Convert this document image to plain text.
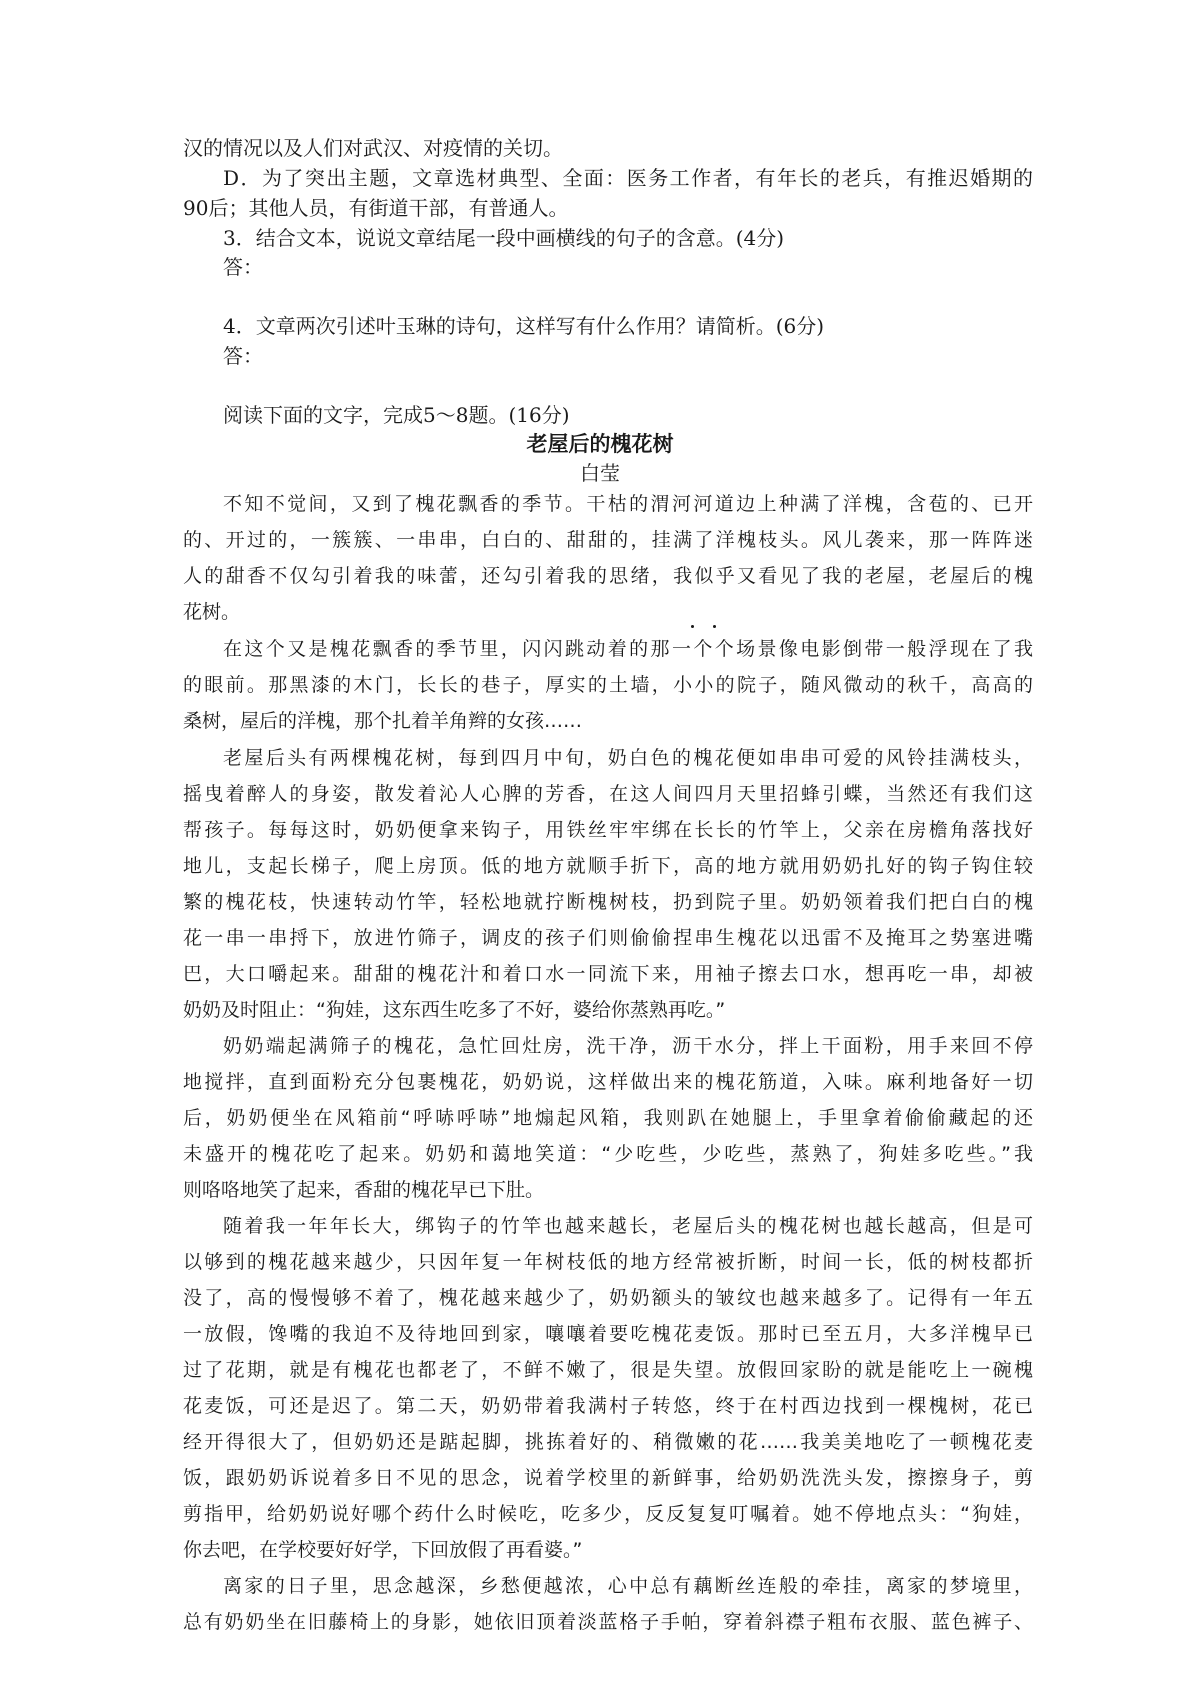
汉的情况以及人们对武汉、对疫情的关切。
D．为了突出主题，文章选材典型、全面：医务工作者，有年长的老兵，有推迟婚期的
90后；其他人员，有街道干部，有普通人。
3．结合文本，说说文章结尾一段中画横线的句子的含意。(4分)
答：
4．文章两次引述叶玉琳的诗句，这样写有什么作用？请简析。(6分)
答：
阅读下面的文字，完成5～8题。(16分)
老屋后的槐花树
白莹
不知不觉间，又到了槐花飘香的季节。干枯的渭河河道边上种满了洋槐，含苞的、已开
的、开过的，一簇簇、一串串，白白的、甜甜的，挂满了洋槐枝头。风儿袭来，那一阵阵迷
人的甜香不仅勾引着我的味蕾，还勾引着我的思绪，我似乎又看见了我的老屋，老屋后的槐
花树。
在这个又是槐花飘香的季节里，闪闪跳动着的那一个个场景像电影倒带一般浮现在了我
的眼前。那黑漆的木门，长长的巷子，厚实的土墙，小小的院子，随风微动的秋千，高高的
桑树，屋后的洋槐，那个扎着羊角辫的女孩……
老屋后头有两棵槐花树，每到四月中旬，奶白色的槐花便如串串可爱的风铃挂满枝头，
摇曳着醉人的身姿，散发着沁人心脾的芳香，在这人间四月天里招蜂引蝶，当然还有我们这
帮孩子。每每这时，奶奶便拿来钩子，用铁丝牢牢绑在长长的竹竿上，父亲在房檐角落找好
地儿，支起长梯子，爬上房顶。低的地方就顺手折下，高的地方就用奶奶扎好的钩子钩住较
繁的槐花枝，快速转动竹竿，轻松地就拧断槐树枝，扔到院子里。奶奶领着我们把白白的槐
花一串一串捋下，放进竹筛子，调皮的孩子们则偷偷捏串生槐花以迅雷不及掩耳之势塞进嘴
巴，大口嚼起来。甜甜的槐花汁和着口水一同流下来，用袖子擦去口水，想再吃一串，却被
奶奶及时阻止：“狗娃，这东西生吃多了不好，婆给你蒸熟再吃。”
奶奶端起满筛子的槐花，急忙回灶房，洗干净，沥干水分，拌上干面粉，用手来回不停
地搅拌，直到面粉充分包裹槐花，奶奶说，这样做出来的槐花筋道，入味。麻利地备好一切
后，奶奶便坐在风箱前“呼哧呼哧”地煽起风箱，我则趴在她腿上，手里拿着偷偷藏起的还
未盛开的槐花吃了起来。奶奶和蔼地笑道：“少吃些，少吃些，蒸熟了，狗娃多吃些。”我
则咯咯地笑了起来，香甜的槐花早已下肚。
随着我一年年长大，绑钩子的竹竿也越来越长，老屋后头的槐花树也越长越高，但是可
以够到的槐花越来越少，只因年复一年树枝低的地方经常被折断，时间一长，低的树枝都折
没了，高的慢慢够不着了，槐花越来越少了，奶奶额头的皱纹也越来越多了。记得有一年五
一放假，馋嘴的我迫不及待地回到家，嚷嚷着要吃槐花麦饭。那时已至五月，大多洋槐早已
过了花期，就是有槐花也都老了，不鲜不嫩了，很是失望。放假回家盼的就是能吃上一碗槐
花麦饭，可还是迟了。第二天，奶奶带着我满村子转悠，终于在村西边找到一棵槐树，花已
经开得很大了，但奶奶还是踮起脚，挑拣着好的、稍微嫩的花……我美美地吃了一顿槐花麦
饭，跟奶奶诉说着多日不见的思念，说着学校里的新鲜事，给奶奶洗洗头发，擦擦身子，剪
剪指甲，给奶奶说好哪个药什么时候吃，吃多少，反反复复叮嘱着。她不停地点头：“狗娃，
你去吧，在学校要好好学，下回放假了再看婆。”
离家的日子里，思念越深，乡愁便越浓，心中总有藕断丝连般的牵挂，离家的梦境里，
总有奶奶坐在旧藤椅上的身影，她依旧顶着淡蓝格子手帕，穿着斜襟子粗布衣服、蓝色裤子、
